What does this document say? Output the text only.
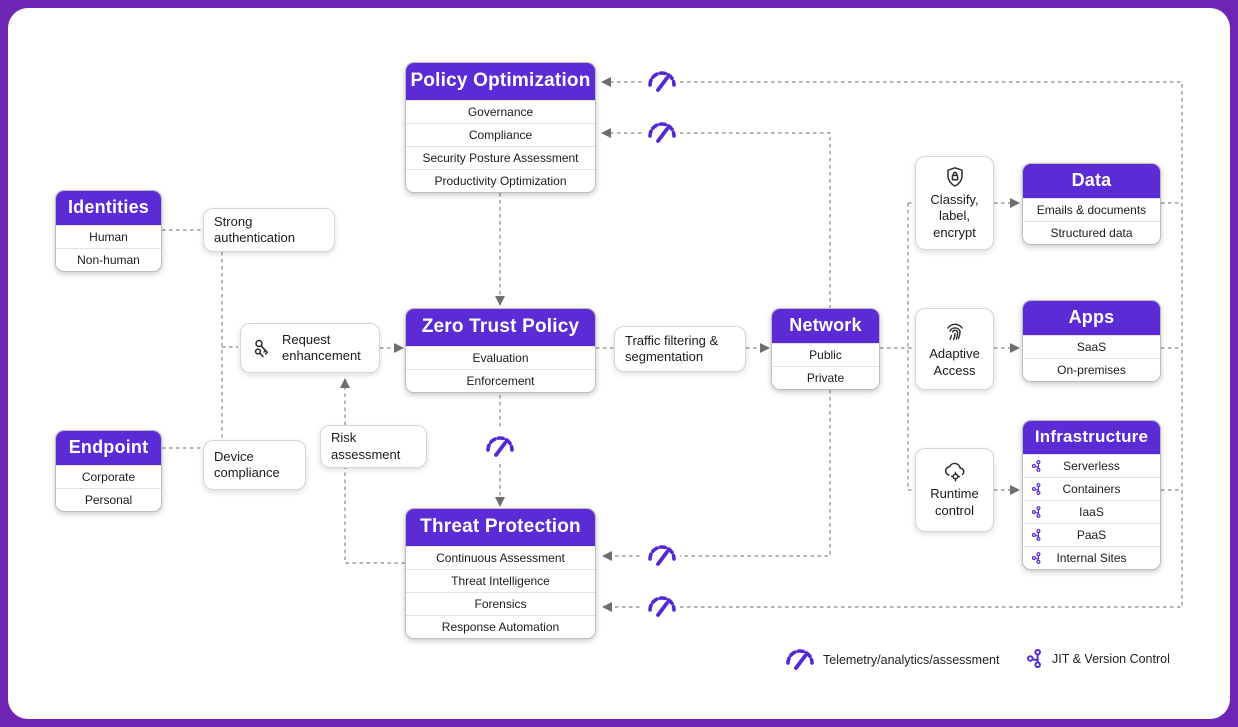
Identities
Human
Non-human
Endpoint
Corporate
Personal
Policy Optimization
Governance
Compliance
Security Posture Assessment
Productivity Optimization
Zero Trust Policy
Evaluation
Enforcement
Network
Public
Private
Threat Protection
Continuous Assessment
Threat Intelligence
Forensics
Response Automation
Data
Emails & documents
Structured data
Apps
SaaS
On-premises
Infrastructure
Serverless
Containers
IaaS
PaaS
Internal Sites
Strong authentication
Request enhancement
Device compliance
Risk assessment
Traffic filtering & segmentation
Classify, label, encrypt
Adaptive Access
Runtime control
Telemetry/analytics/assessment	JIT & Version Control
